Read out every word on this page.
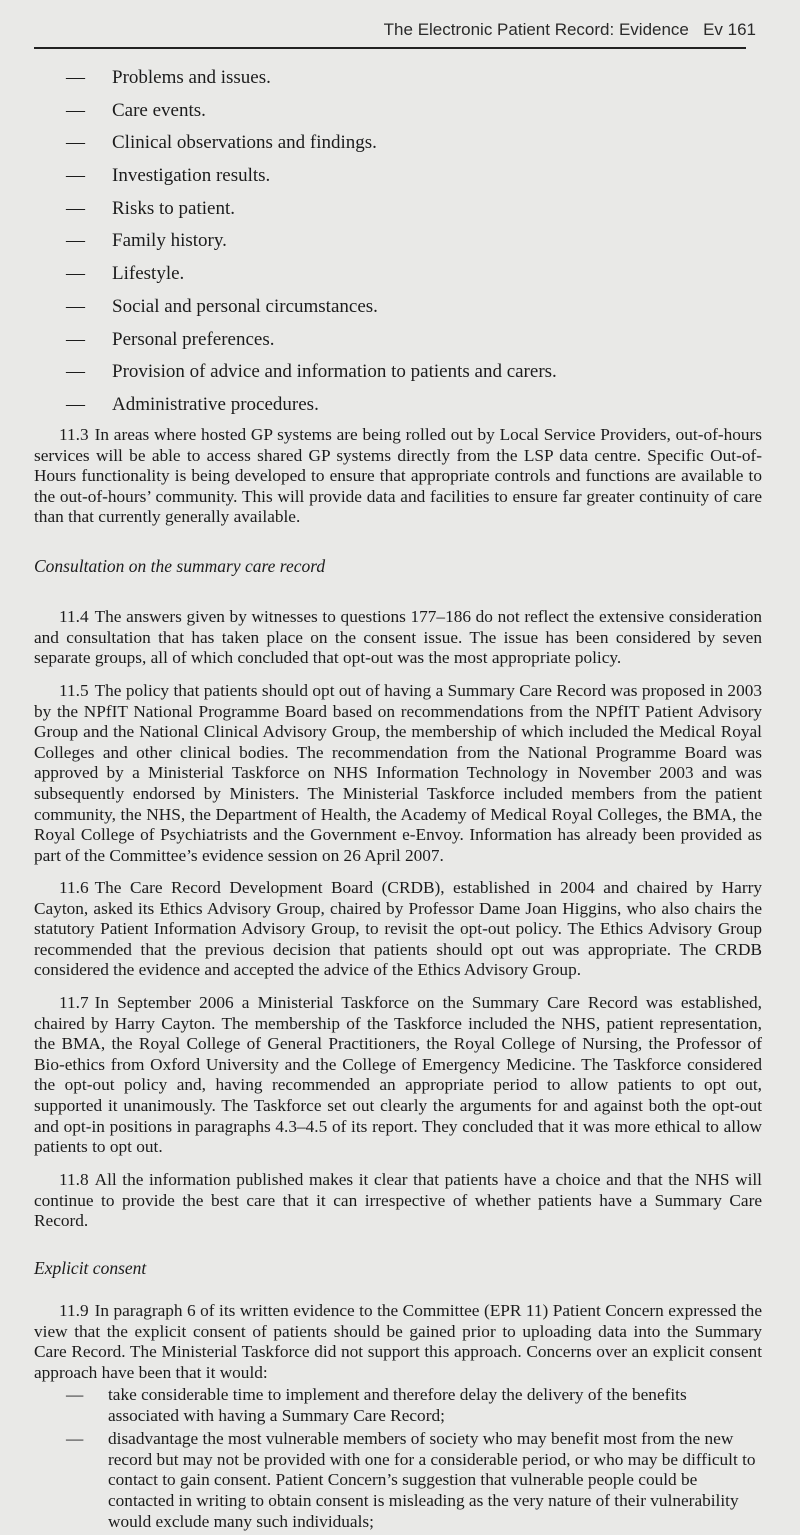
The Electronic Patient Record: Evidence Ev 161
— Problems and issues.
— Care events.
— Clinical observations and findings.
— Investigation results.
— Risks to patient.
— Family history.
— Lifestyle.
— Social and personal circumstances.
— Personal preferences.
— Provision of advice and information to patients and carers.
— Administrative procedures.

11.3 In areas where hosted GP systems are being rolled out by Local Service Providers, out-of-hours services will be able to access shared GP systems directly from the LSP data centre. Specific Out-of-Hours functionality is being developed to ensure that appropriate controls and functions are available to the out-of-hours’ community. This will provide data and facilities to ensure far greater continuity of care than that currently generally available.

Consultation on the summary care record

11.4 The answers given by witnesses to questions 177–186 do not reflect the extensive consideration and consultation that has taken place on the consent issue. The issue has been considered by seven separate groups, all of which concluded that opt-out was the most appropriate policy.

11.5 The policy that patients should opt out of having a Summary Care Record was proposed in 2003 by the NPfIT National Programme Board based on recommendations from the NPfIT Patient Advisory Group and the National Clinical Advisory Group, the membership of which included the Medical Royal Colleges and other clinical bodies. The recommendation from the National Programme Board was approved by a Ministerial Taskforce on NHS Information Technology in November 2003 and was subsequently endorsed by Ministers. The Ministerial Taskforce included members from the patient community, the NHS, the Department of Health, the Academy of Medical Royal Colleges, the BMA, the Royal College of Psychiatrists and the Government e-Envoy. Information has already been provided as part of the Committee’s evidence session on 26 April 2007.

11.6 The Care Record Development Board (CRDB), established in 2004 and chaired by Harry Cayton, asked its Ethics Advisory Group, chaired by Professor Dame Joan Higgins, who also chairs the statutory Patient Information Advisory Group, to revisit the opt-out policy. The Ethics Advisory Group recommended that the previous decision that patients should opt out was appropriate. The CRDB considered the evidence and accepted the advice of the Ethics Advisory Group.

11.7 In September 2006 a Ministerial Taskforce on the Summary Care Record was established, chaired by Harry Cayton. The membership of the Taskforce included the NHS, patient representation, the BMA, the Royal College of General Practitioners, the Royal College of Nursing, the Professor of Bio-ethics from Oxford University and the College of Emergency Medicine. The Taskforce considered the opt-out policy and, having recommended an appropriate period to allow patients to opt out, supported it unanimously. The Taskforce set out clearly the arguments for and against both the opt-out and opt-in positions in paragraphs 4.3–4.5 of its report. They concluded that it was more ethical to allow patients to opt out.

11.8 All the information published makes it clear that patients have a choice and that the NHS will continue to provide the best care that it can irrespective of whether patients have a Summary Care Record.

Explicit consent

11.9 In paragraph 6 of its written evidence to the Committee (EPR 11) Patient Concern expressed the view that the explicit consent of patients should be gained prior to uploading data into the Summary Care Record. The Ministerial Taskforce did not support this approach. Concerns over an explicit consent approach have been that it would:

— take considerable time to implement and therefore delay the delivery of the benefits associated with having a Summary Care Record;
— disadvantage the most vulnerable members of society who may benefit most from the new record but may not be provided with one for a considerable period, or who may be difficult to contact to gain consent. Patient Concern’s suggestion that vulnerable people could be contacted in writing to obtain consent is misleading as the very nature of their vulnerability would exclude many such individuals;
